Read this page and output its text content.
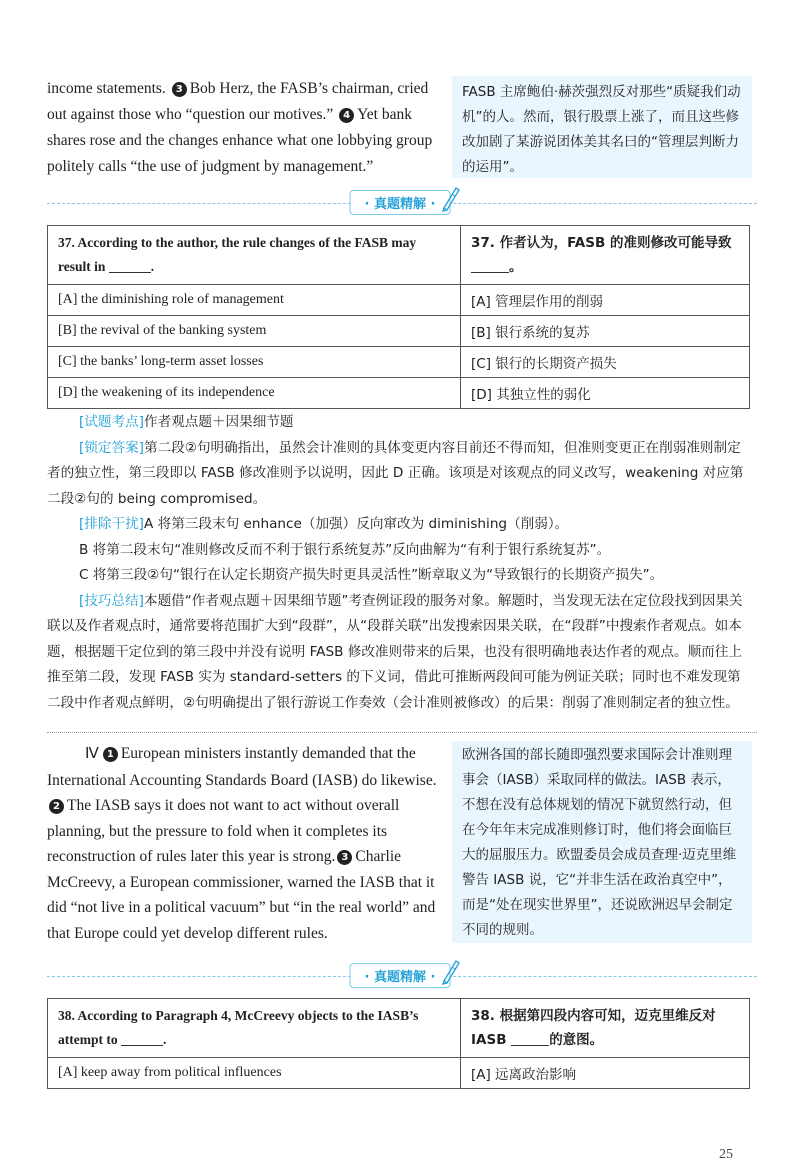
income statements. 3 Bob Herz, the FASB’s chairman, cried out against those who “question our motives.” 4 Yet bank shares rose and the changes enhance what one lobbying group politely calls “the use of judgment by management.”
FASB 主席鲍伯·赫茨强烈反对那些“质疑我们动机”的人。然而，银行股票上涨了，而且这些修改加剧了某游说团体美其名曰的“管理层判断力的运用”。
· 真题精解 ·
37. According to the author, the rule changes of the FASB may result in .	37. 作者认为，FASB 的准则修改可能导致。
[A] the diminishing role of management	[A] 管理层作用的削弱
[B] the revival of the banking system	[B] 银行系统的复苏
[C] the banks’ long-term asset losses	[C] 银行的长期资产损失
[D] the weakening of its independence	[D] 其独立性的弱化

[试题考点]作者观点题＋因果细节题

[锁定答案]第二段②句明确指出，虽然会计准则的具体变更内容目前还不得而知，但准则变更正在削弱准则制定者的独立性，第三段即以 FASB 修改准则予以说明，因此 D 正确。该项是对该观点的同义改写，weakening 对应第二段②句的 being compromised。

[排除干扰]A 将第三段末句 enhance（加强）反向窜改为 diminishing（削弱）。

B 将第二段末句“准则修改反而不利于银行系统复苏”反向曲解为“有利于银行系统复苏”。

C 将第三段②句“银行在认定长期资产损失时更具灵活性”断章取义为“导致银行的长期资产损失”。

[技巧总结]本题借“作者观点题＋因果细节题”考查例证段的服务对象。解题时，当发现无法在定位段找到因果关联以及作者观点时，通常要将范围扩大到“段群”，从“段群关联”出发搜索因果关联，在“段群”中搜索作者观点。如本题，根据题干定位到的第三段中并没有说明 FASB 修改准则带来的后果，也没有很明确地表达作者的观点。顺而往上推至第二段，发现 FASB 实为 standard-setters 的下义词，借此可推断两段间可能为例证关联；同时也不难发现第二段中作者观点鲜明，②句明确提出了银行游说工作奏效（会计准则被修改）的后果：削弱了准则制定者的独立性。

Ⅳ 1 European ministers instantly demanded that the International Accounting Standards Board (IASB) do likewise.2 The IASB says it does not want to act without overall planning, but the pressure to fold when it completes its reconstruction of rules later this year is strong. 3 Charlie McCreevy, a European commissioner, warned the IASB that it did “not live in a political vacuum” but “in the real world” and that Europe could yet develop different rules.
欧洲各国的部长随即强烈要求国际会计准则理事会（IASB）采取同样的做法。IASB 表示，不想在没有总体规划的情况下就贸然行动，但在今年年末完成准则修订时，他们将会面临巨大的屈服压力。欧盟委员会成员查理·迈克里维警告 IASB 说，它“并非生活在政治真空中”，而是“处在现实世界里”，还说欧洲迟早会制定不同的规则。
· 真题精解 ·
38. According to Paragraph 4, McCreevy objects to the IASB’s attempt to .	38. 根据第四段内容可知，迈克里维反对 IASB 的意图。
[A] keep away from political influences	[A] 远离政治影响
25
